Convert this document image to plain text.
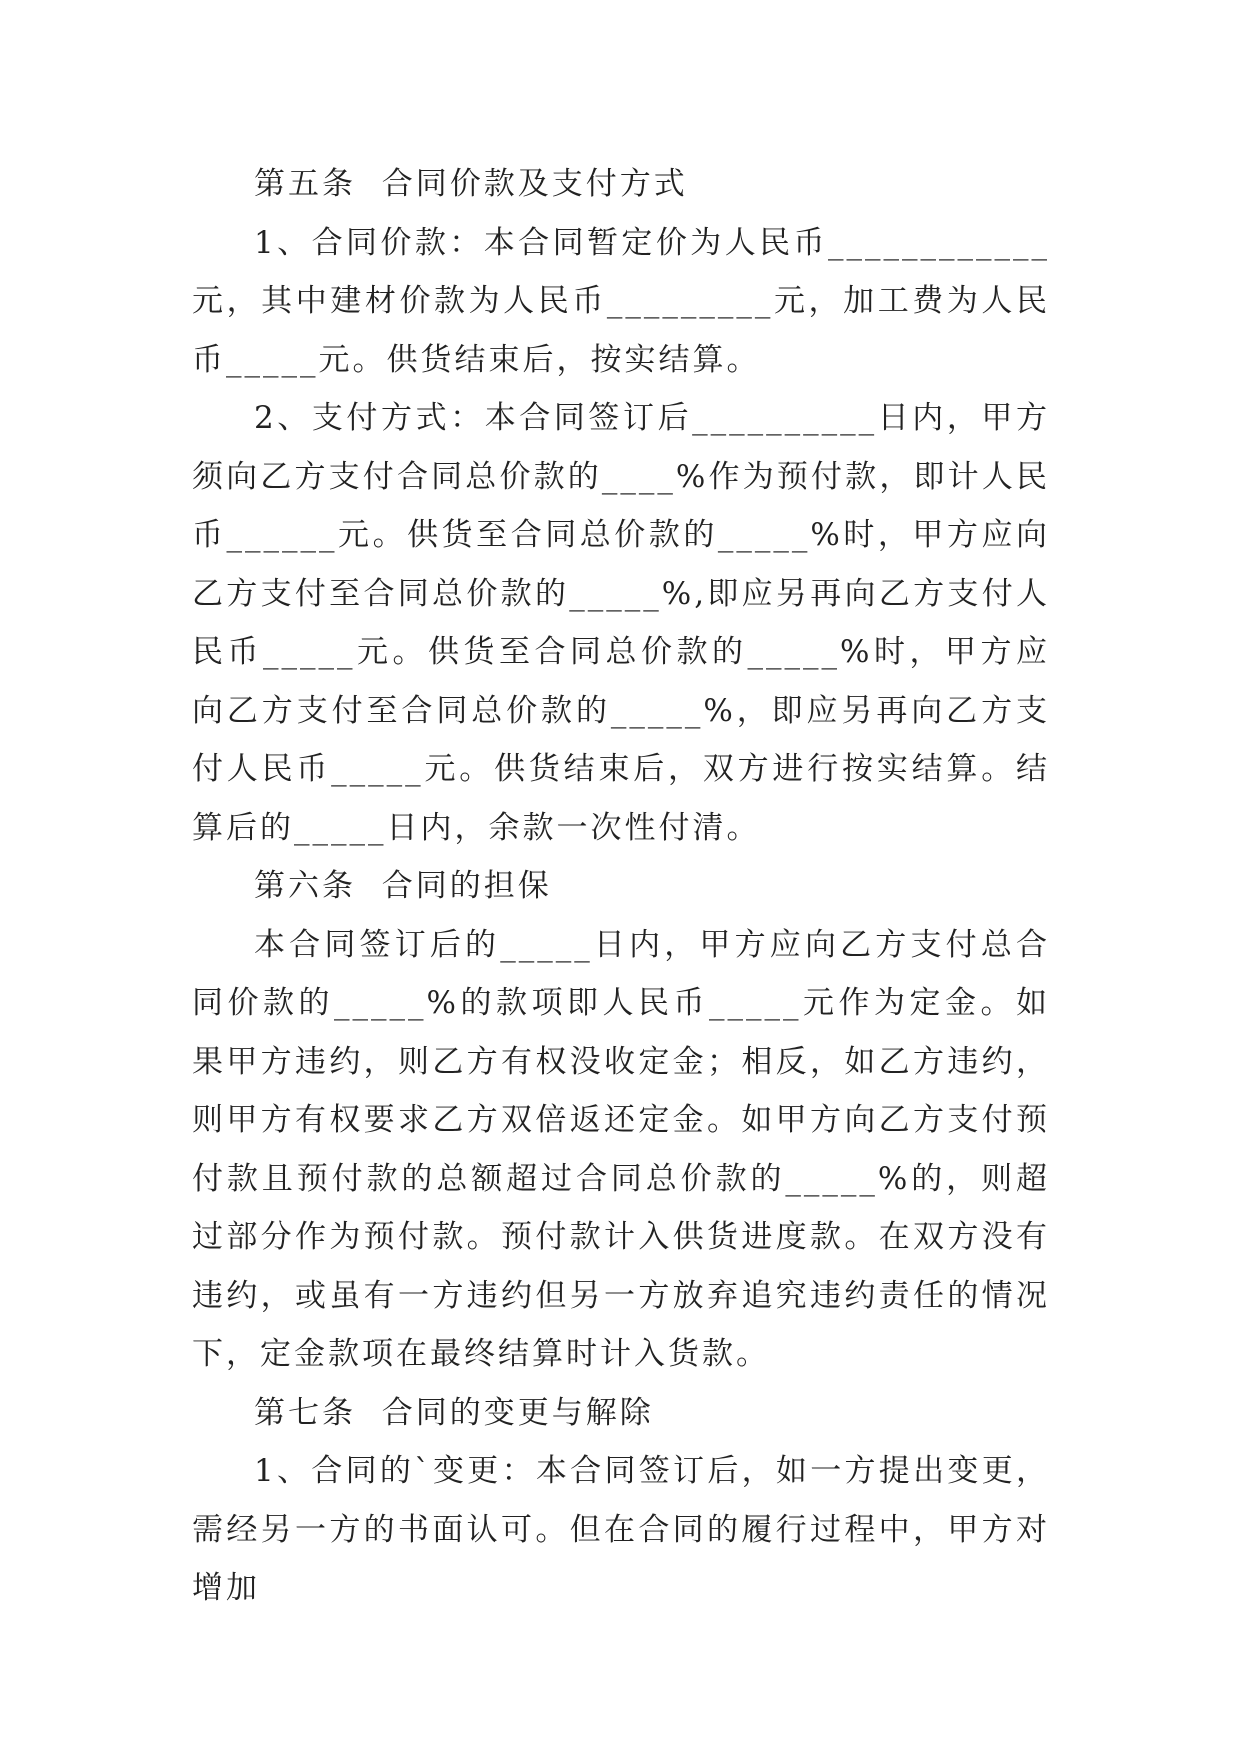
第五条  合同价款及支付方式

1、合同价款：本合同暂定价为人民币____________元，其中建材价款为人民币_________元，加工费为人民币_____元。供货结束后，按实结算。

2、支付方式：本合同签订后__________日内，甲方须向乙方支付合同总价款的____%作为预付款，即计人民币______元。供货至合同总价款的_____%时，甲方应向乙方支付至合同总价款的_____%,即应另再向乙方支付人民币_____元。供货至合同总价款的_____%时，甲方应向乙方支付至合同总价款的_____%，即应另再向乙方支付人民币_____元。供货结束后，双方进行按实结算。结算后的_____日内，余款一次性付清。

第六条  合同的担保

本合同签订后的_____日内，甲方应向乙方支付总合同价款的_____%的款项即人民币_____元作为定金。如果甲方违约，则乙方有权没收定金；相反，如乙方违约，则甲方有权要求乙方双倍返还定金。如甲方向乙方支付预付款且预付款的总额超过合同总价款的_____%的，则超过部分作为预付款。预付款计入供货进度款。在双方没有违约，或虽有一方违约但另一方放弃追究违约责任的情况下，定金款项在最终结算时计入货款。

第七条  合同的变更与解除

1、合同的`变更：本合同签订后，如一方提出变更，需经另一方的书面认可。但在合同的履行过程中，甲方对增加
